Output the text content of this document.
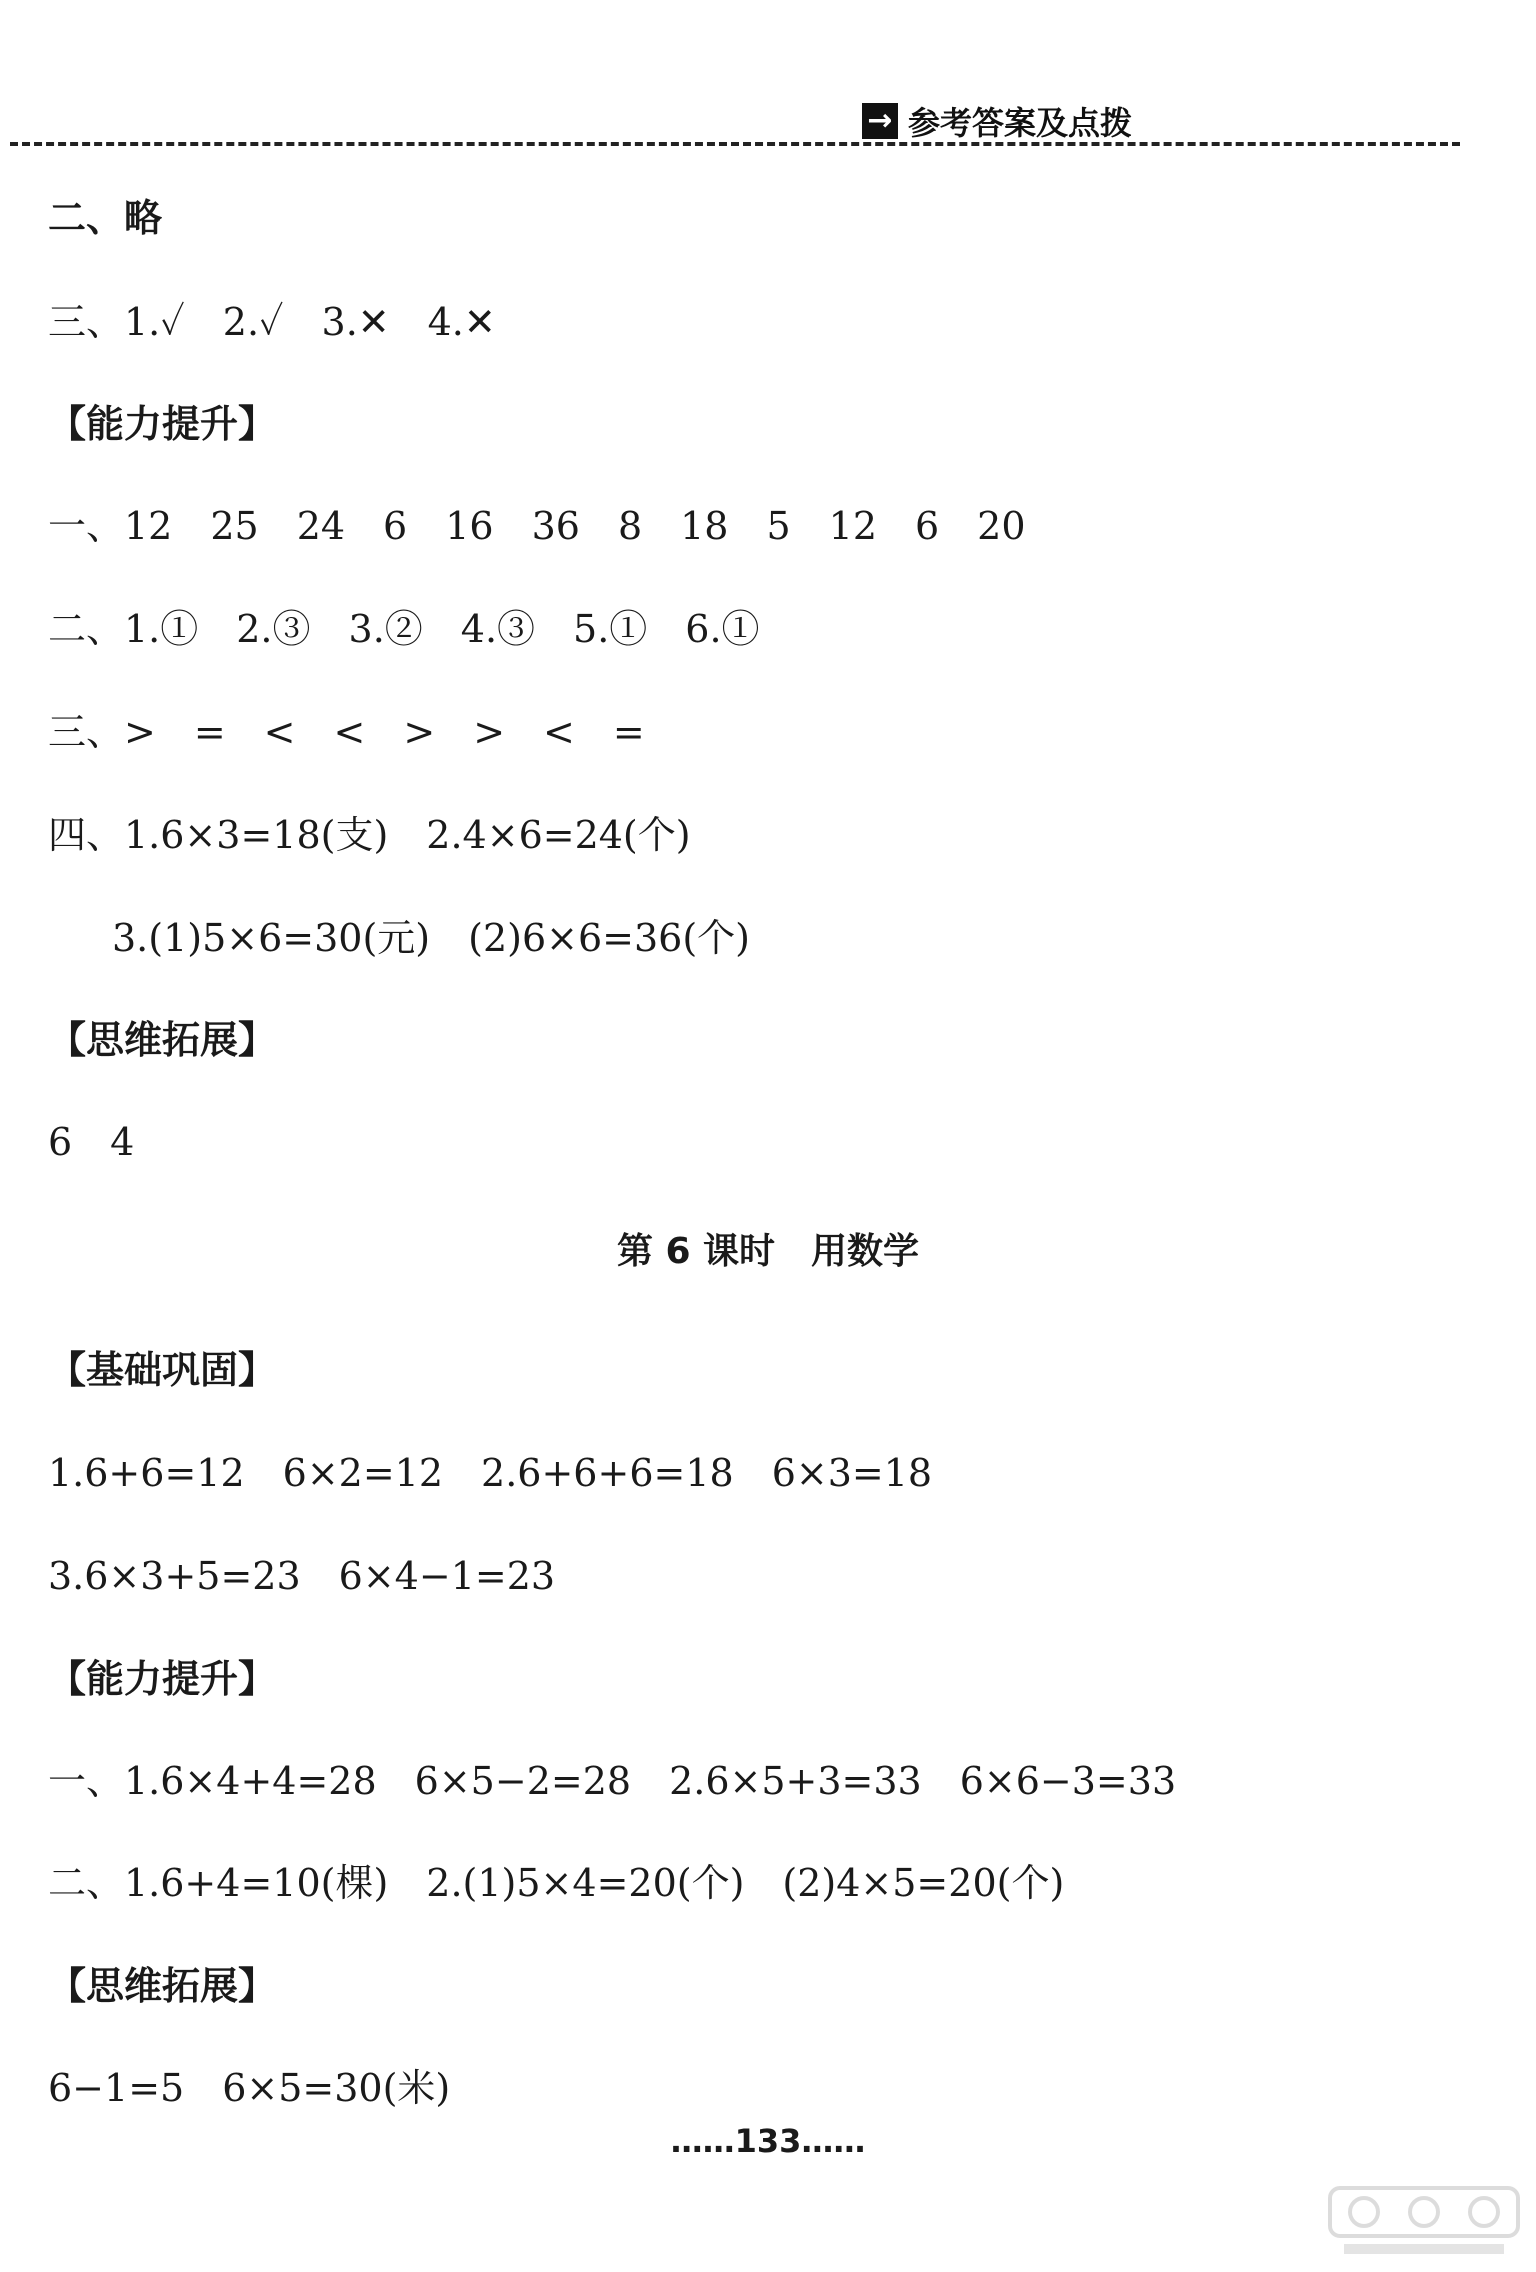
→ 参考答案及点拨
二、略
三、1.✓　2.✓　3.✕　4.✕
【能力提升】
一、12　25　24　6　16　36　8　18　5　12　6　20
二、1.①　2.③　3.②　4.③　5.①　6.①
三、>　=　<　<　>　>　<　=
四、1.6×3=18(支)　2.4×6=24(个)
3.(1)5×6=30(元)　(2)6×6=36(个)
【思维拓展】
6　4
第 6 课时　用数学
【基础巩固】
1.6+6=12　6×2=12　2.6+6+6=18　6×3=18
3.6×3+5=23　6×4−1=23
【能力提升】
一、1.6×4+4=28　6×5−2=28　2.6×5+3=33　6×6−3=33
二、1.6+4=10(棵)　2.(1)5×4=20(个)　(2)4×5=20(个)
【思维拓展】
6−1=5　6×5=30(米)
……133……
